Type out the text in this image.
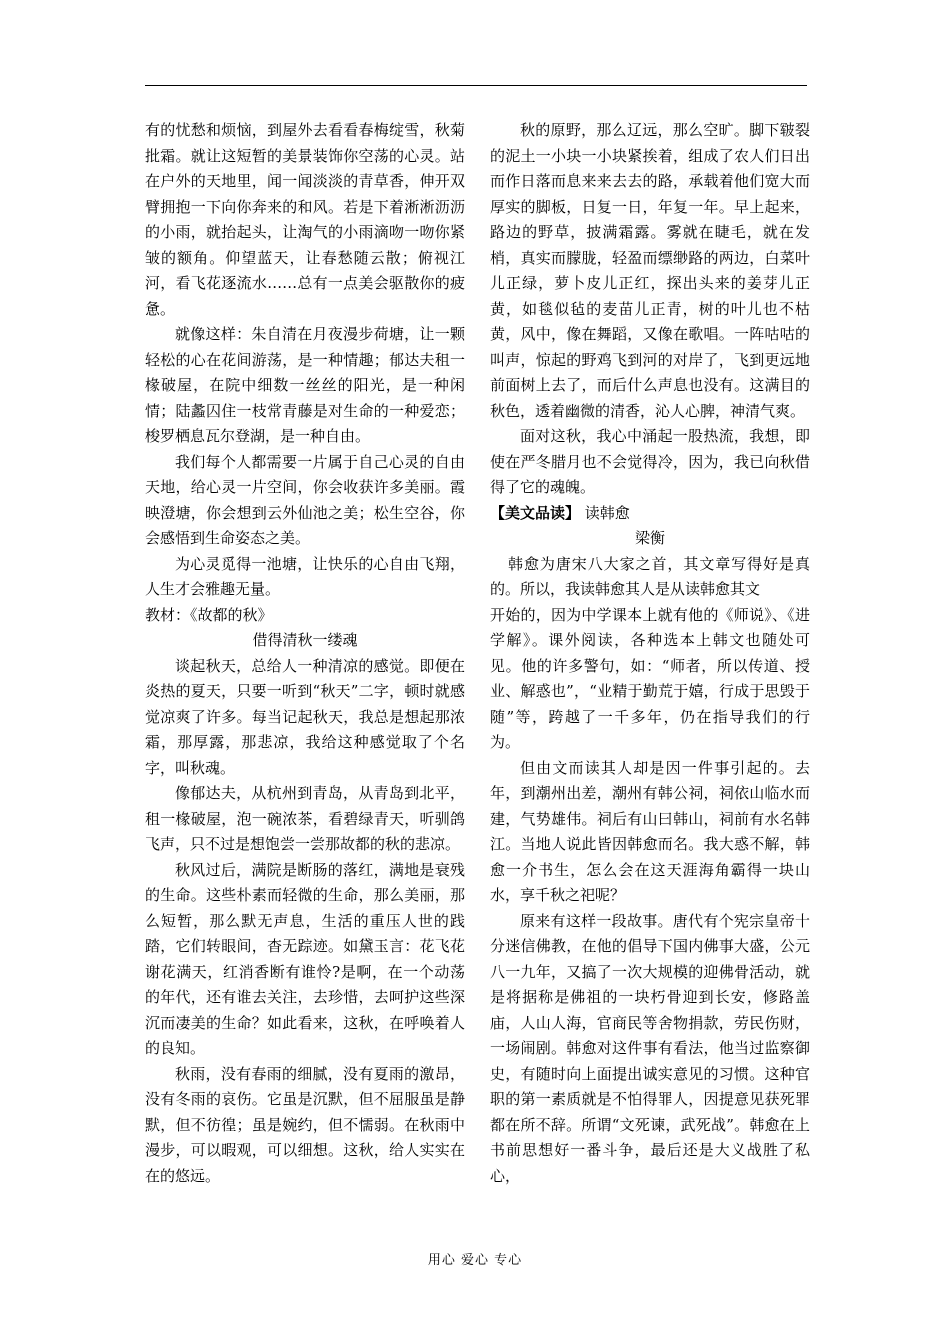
有的忧愁和烦恼，到屋外去看看春梅绽雪，秋菊批霜。就让这短暂的美景装饰你空荡的心灵。站在户外的天地里，闻一闻淡淡的青草香，伸开双臂拥抱一下向你奔来的和风。若是下着淅淅沥沥的小雨，就抬起头，让淘气的小雨滴吻一吻你紧皱的额角。仰望蓝天，让春愁随云散；俯视江河，看飞花逐流水……总有一点美会驱散你的疲惫。

就像这样：朱自清在月夜漫步荷塘，让一颗轻松的心在花间游荡，是一种情趣；郁达夫租一椽破屋，在院中细数一丝丝的阳光，是一种闲情；陆蠡囚住一枝常青藤是对生命的一种爱恋；梭罗栖息瓦尔登湖，是一种自由。

我们每个人都需要一片属于自己心灵的自由天地，给心灵一片空间，你会收获许多美丽。霞映澄塘，你会想到云外仙池之美；松生空谷，你会感悟到生命姿态之美。

为心灵觅得一池塘，让快乐的心自由飞翔，人生才会雅趣无量。

教材：《故都的秋》

借得清秋一缕魂

谈起秋天，总给人一种清凉的感觉。即便在炎热的夏天，只要一听到“秋天”二字，顿时就感觉凉爽了许多。每当记起秋天，我总是想起那浓霜，那厚露，那悲凉，我给这种感觉取了个名字，叫秋魂。

像郁达夫，从杭州到青岛，从青岛到北平，租一椽破屋，泡一碗浓茶，看碧绿青天，听驯鸽飞声，只不过是想饱尝一尝那故都的秋的悲凉。

秋风过后，满院是断肠的落红，满地是衰残的生命。这些朴素而轻微的生命，那么美丽，那么短暂，那么默无声息，生活的重压人世的践踏，它们转眼间，杳无踪迹。如黛玉言：花飞花谢花满天，红消香断有谁怜?是啊，在一个动荡的年代，还有谁去关注，去珍惜，去呵护这些深沉而凄美的生命？如此看来，这秋，在呼唤着人的良知。

秋雨，没有春雨的细腻，没有夏雨的激昂，没有冬雨的哀伤。它虽是沉默，但不屈服虽是静默，但不彷徨；虽是婉约，但不懦弱。在秋雨中漫步，可以暇观，可以细想。这秋，给人实实在在的悠远。

秋的原野，那么辽远，那么空旷。脚下皲裂的泥土一小块一小块紧挨着，组成了农人们日出而作日落而息来来去去的路，承载着他们宽大而厚实的脚板，日复一日，年复一年。早上起来，路边的野草，披满霜露。雾就在睫毛，就在发梢，真实而朦胧，轻盈而缥缈路的两边，白菜叶儿正绿，萝卜皮儿正红，探出头来的姜芽儿正黄，如毯似毡的麦苗儿正青，树的叶儿也不枯黄，风中，像在舞蹈，又像在歌唱。一阵咕咕的叫声，惊起的野鸡飞到河的对岸了，飞到更远地前面树上去了，而后什么声息也没有。这满目的秋色，透着幽微的清香，沁人心脾，神清气爽。

面对这秋，我心中涌起一股热流，我想，即使在严冬腊月也不会觉得冷，因为，我已向秋借得了它的魂魄。

【美文品读】 读韩愈

梁衡

韩愈为唐宋八大家之首，其文章写得好是真的。所以，我读韩愈其人是从读韩愈其文

开始的，因为中学课本上就有他的《师说》、《进学解》。课外阅读，各种选本上韩文也随处可见。他的许多警句，如：“师者，所以传道、授业、解惑也”，“业精于勤荒于嬉，行成于思毁于随”等，跨越了一千多年，仍在指导我们的行为。

但由文而读其人却是因一件事引起的。去年，到潮州出差，潮州有韩公祠，祠依山临水而建，气势雄伟。祠后有山曰韩山，祠前有水名韩江。当地人说此皆因韩愈而名。我大惑不解，韩愈一介书生，怎么会在这天涯海角霸得一块山水，享千秋之祀呢？

原来有这样一段故事。唐代有个宪宗皇帝十分迷信佛教，在他的倡导下国内佛事大盛，公元八一九年，又搞了一次大规模的迎佛骨活动，就是将据称是佛祖的一块朽骨迎到长安，修路盖庙，人山人海，官商民等舍物捐款，劳民伤财，一场闹剧。韩愈对这件事有看法，他当过监察御史，有随时向上面提出诚实意见的习惯。这种官职的第一素质就是不怕得罪人，因提意见获死罪都在所不辞。所谓“文死谏，武死战”。韩愈在上书前思想好一番斗争，最后还是大义战胜了私心，

用心 爱心 专心
